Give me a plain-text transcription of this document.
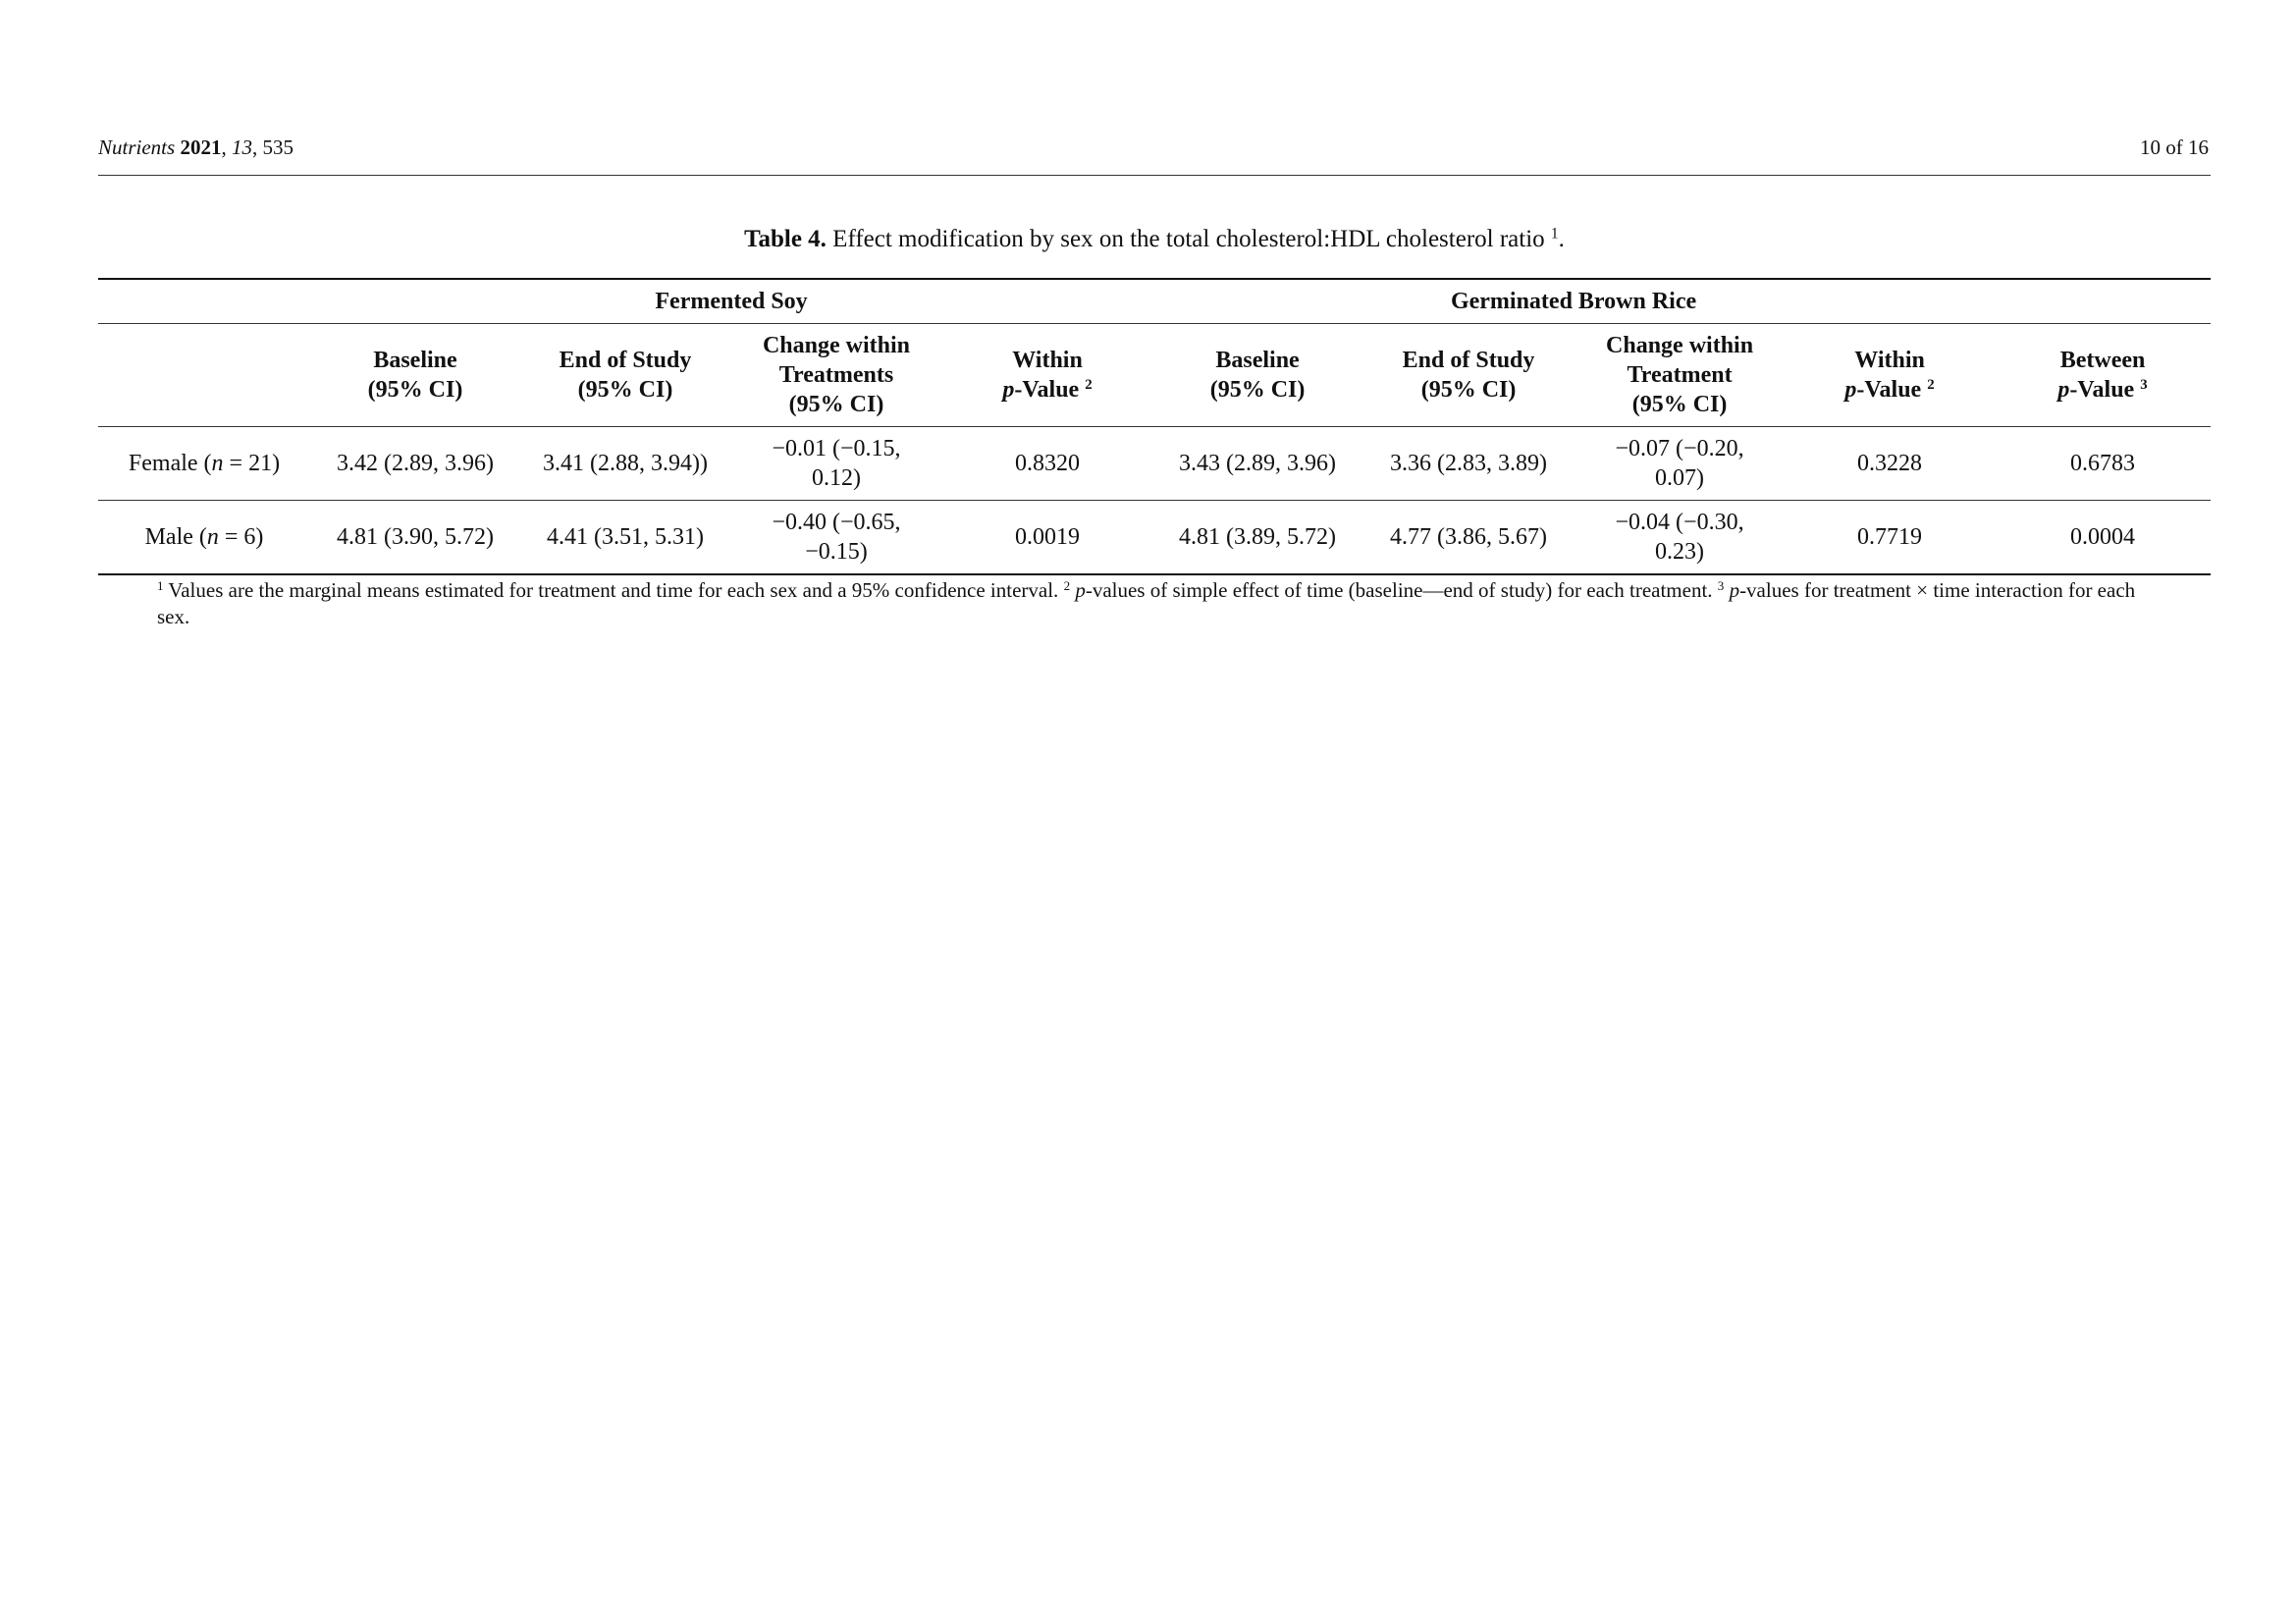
Nutrients 2021, 13, 535	10 of 16
Table 4. Effect modification by sex on the total cholesterol:HDL cholesterol ratio $^1$.
	Fermented Soy				Germinated Brown Rice				
	Baseline
(95% CI)	End of Study
(95% CI)	Change within
Treatments
(95% CI)	Within
p-Value $^2$	Baseline
(95% CI)	End of Study
(95% CI)	Change within
Treatment
(95% CI)	Within
p-Value $^2$	Between
p-Value $^3$
Female (n = 21)	3.42 (2.89, 3.96)	3.41 (2.88, 3.94))	−0.01 (−0.15,
0.12)	0.8320	3.43 (2.89, 3.96)	3.36 (2.83, 3.89)	−0.07 (−0.20,
0.07)	0.3228	0.6783
Male (n = 6)	4.81 (3.90, 5.72)	4.41 (3.51, 5.31)	−0.40 (−0.65,
−0.15)	0.0019	4.81 (3.89, 5.72)	4.77 (3.86, 5.67)	−0.04 (−0.30,
0.23)	0.7719	0.0004
$^1$ Values are the marginal means estimated for treatment and time for each sex and a 95% confidence interval. $^2$ p-values of simple effect of time (baseline—end of study) for each treatment. $^3$ p-values for treatment × time interaction for each sex.
